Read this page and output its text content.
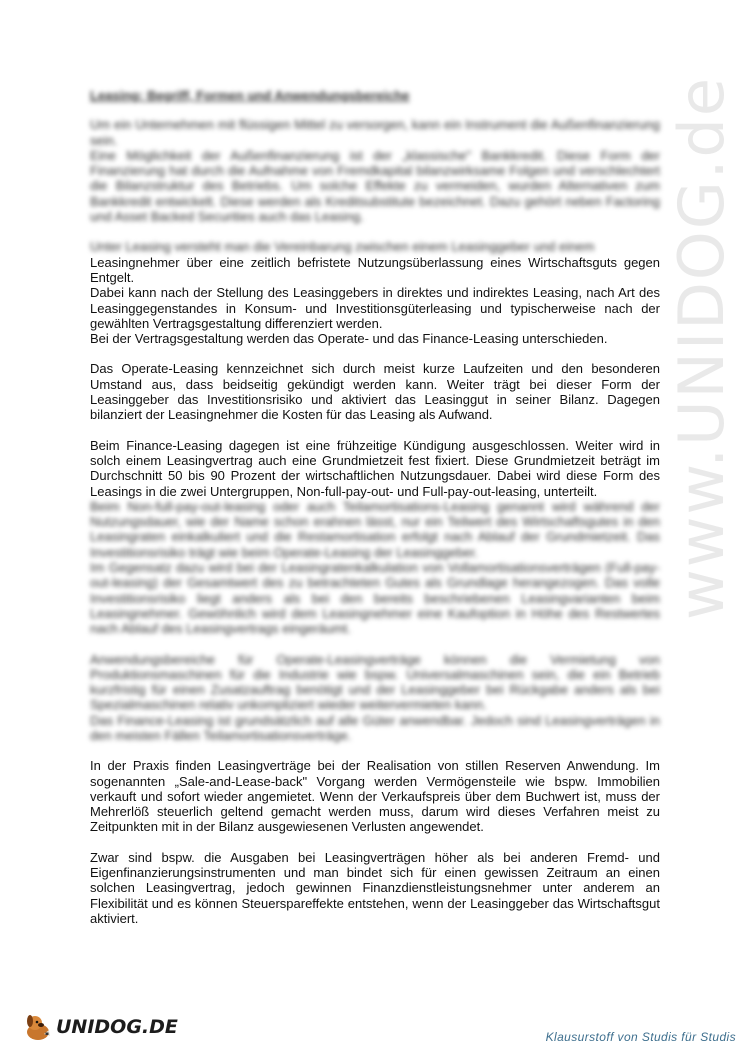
www.UNIDOG.de

Leasing: Begriff, Formen und Anwendungsbereiche

Um ein Unternehmen mit flüssigen Mittel zu versorgen, kann ein Instrument die Außenfinanzierung sein.

Eine Möglichkeit der Außenfinanzierung ist der „klassische" Bankkredit. Diese Form der Finanzierung hat durch die Aufnahme von Fremdkapital bilanzwirksame Folgen und verschlechtert die Bilanzstruktur des Betriebs. Um solche Effekte zu vermeiden, wurden Alternativen zum Bankkredit entwickelt. Diese werden als Kreditsubstitute bezeichnet. Dazu gehört neben Factoring und Asset Backed Securities auch das Leasing.

Unter Leasing versteht man die Vereinbarung zwischen einem Leasinggeber und einem

Leasingnehmer über eine zeitlich befristete Nutzungsüberlassung eines Wirtschaftsguts gegen Entgelt.

Dabei kann nach der Stellung des Leasinggebers in direktes und indirektes Leasing, nach Art des Leasinggegenstandes in Konsum- und Investitionsgüterleasing und typischerweise nach der gewählten Vertragsgestaltung differenziert werden.

Bei der Vertragsgestaltung werden das Operate- und das Finance-Leasing unterschieden.

Das Operate-Leasing kennzeichnet sich durch meist kurze Laufzeiten und den besonderen Umstand aus, dass beidseitig gekündigt werden kann. Weiter trägt bei dieser Form der Leasinggeber das Investitionsrisiko und aktiviert das Leasinggut in seiner Bilanz. Dagegen bilanziert der Leasingnehmer die Kosten für das Leasing als Aufwand.

Beim Finance-Leasing dagegen ist eine frühzeitige Kündigung ausgeschlossen. Weiter wird in solch einem Leasingvertrag auch eine Grundmietzeit fest fixiert. Diese Grundmietzeit beträgt im Durchschnitt 50 bis 90 Prozent der wirtschaftlichen Nutzungsdauer. Dabei wird diese Form des Leasings in die zwei Untergruppen, Non-full-pay-out- und Full-pay-out-leasing, unterteilt.

Beim Non-full-pay-out-leasing oder auch Teilamortisations-Leasing genannt wird während der Nutzungsdauer, wie der Name schon erahnen lässt, nur ein Teilwert des Wirtschaftsgutes in den Leasingraten einkalkuliert und die Restamortisation erfolgt nach Ablauf der Grundmietzeit. Das Investitionsrisiko trägt wie beim Operate-Leasing der Leasinggeber.

Im Gegensatz dazu wird bei der Leasingratenkalkulation von Vollamortisationsverträgen (Full-pay-out-leasing) der Gesamtwert des zu betrachteten Gutes als Grundlage herangezogen. Das volle Investitionsrisiko liegt anders als bei den bereits beschriebenen Leasingvarianten beim Leasingnehmer. Gewöhnlich wird dem Leasingnehmer eine Kaufoption in Höhe des Restwertes nach Ablauf des Leasingvertrags eingeräumt.

Anwendungsbereiche für Operate-Leasingverträge können die Vermietung von Produktionsmaschinen für die Industrie wie bspw. Universalmaschinen sein, die ein Betrieb kurzfristig für einen Zusatzauftrag benötigt und der Leasinggeber bei Rückgabe anders als bei Spezialmaschinen relativ unkompliziert wieder weitervermieten kann.

Das Finance-Leasing ist grundsätzlich auf alle Güter anwendbar. Jedoch sind Leasingverträgen in den meisten Fällen Teilamortisationsverträge.

In der Praxis finden Leasingverträge bei der Realisation von stillen Reserven Anwendung. Im sogenannten „Sale-and-Lease-back" Vorgang werden Vermögensteile wie bspw. Immobilien verkauft und sofort wieder angemietet. Wenn der Verkaufspreis über dem Buchwert ist, muss der Mehrerlöß steuerlich geltend gemacht werden muss, darum wird dieses Verfahren meist zu Zeitpunkten mit in der Bilanz ausgewiesenen Verlusten angewendet.

Zwar sind bspw. die Ausgaben bei Leasingverträgen höher als bei anderen Fremd- und Eigenfinanzierungsinstrumenten und man bindet sich für einen gewissen Zeitraum an einen solchen Leasingvertrag, jedoch gewinnen Finanzdienstleistungsnehmer unter anderem an Flexibilität und es können Steuerspareffekte entstehen, wenn der Leasinggeber das Wirtschaftsgut aktiviert.

UNIDOG.DE	Klausurstoff von Studis für Studis
